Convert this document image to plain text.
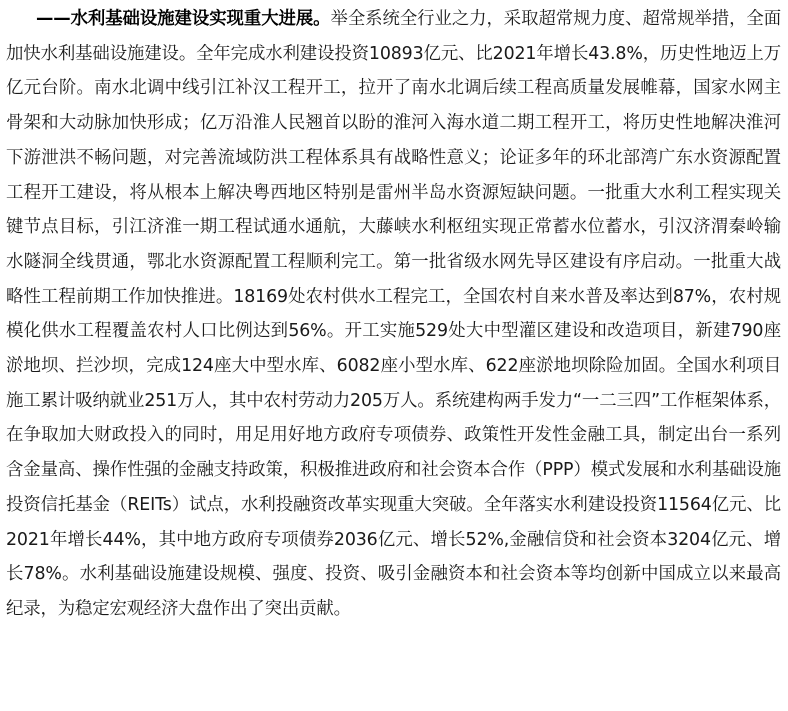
——水利基础设施建设实现重大进展。举全系统全行业之力，采取超常规力度、超常规举措，全面加快水利基础设施建设。全年完成水利建设投资10893亿元、比2021年增长43.8%，历史性地迈上万亿元台阶。南水北调中线引江补汉工程开工，拉开了南水北调后续工程高质量发展帷幕，国家水网主骨架和大动脉加快形成；亿万沿淮人民翘首以盼的淮河入海水道二期工程开工，将历史性地解决淮河下游泄洪不畅问题，对完善流域防洪工程体系具有战略性意义；论证多年的环北部湾广东水资源配置工程开工建设，将从根本上解决粤西地区特别是雷州半岛水资源短缺问题。一批重大水利工程实现关键节点目标，引江济淮一期工程试通水通航，大藤峡水利枢纽实现正常蓄水位蓄水，引汉济渭秦岭输水隧洞全线贯通，鄂北水资源配置工程顺利完工。第一批省级水网先导区建设有序启动。一批重大战略性工程前期工作加快推进。18169处农村供水工程完工，全国农村自来水普及率达到87%，农村规模化供水工程覆盖农村人口比例达到56%。开工实施529处大中型灌区建设和改造项目，新建790座淤地坝、拦沙坝，完成124座大中型水库、6082座小型水库、622座淤地坝除险加固。全国水利项目施工累计吸纳就业251万人，其中农村劳动力205万人。系统建构两手发力“一二三四”工作框架体系，在争取加大财政投入的同时，用足用好地方政府专项债券、政策性开发性金融工具，制定出台一系列含金量高、操作性强的金融支持政策，积极推进政府和社会资本合作（PPP）模式发展和水利基础设施投资信托基金（REITs）试点，水利投融资改革实现重大突破。全年落实水利建设投资11564亿元、比2021年增长44%，其中地方政府专项债券2036亿元、增长52%,金融信贷和社会资本3204亿元、增长78%。水利基础设施建设规模、强度、投资、吸引金融资本和社会资本等均创新中国成立以来最高纪录，为稳定宏观经济大盘作出了突出贡献。
